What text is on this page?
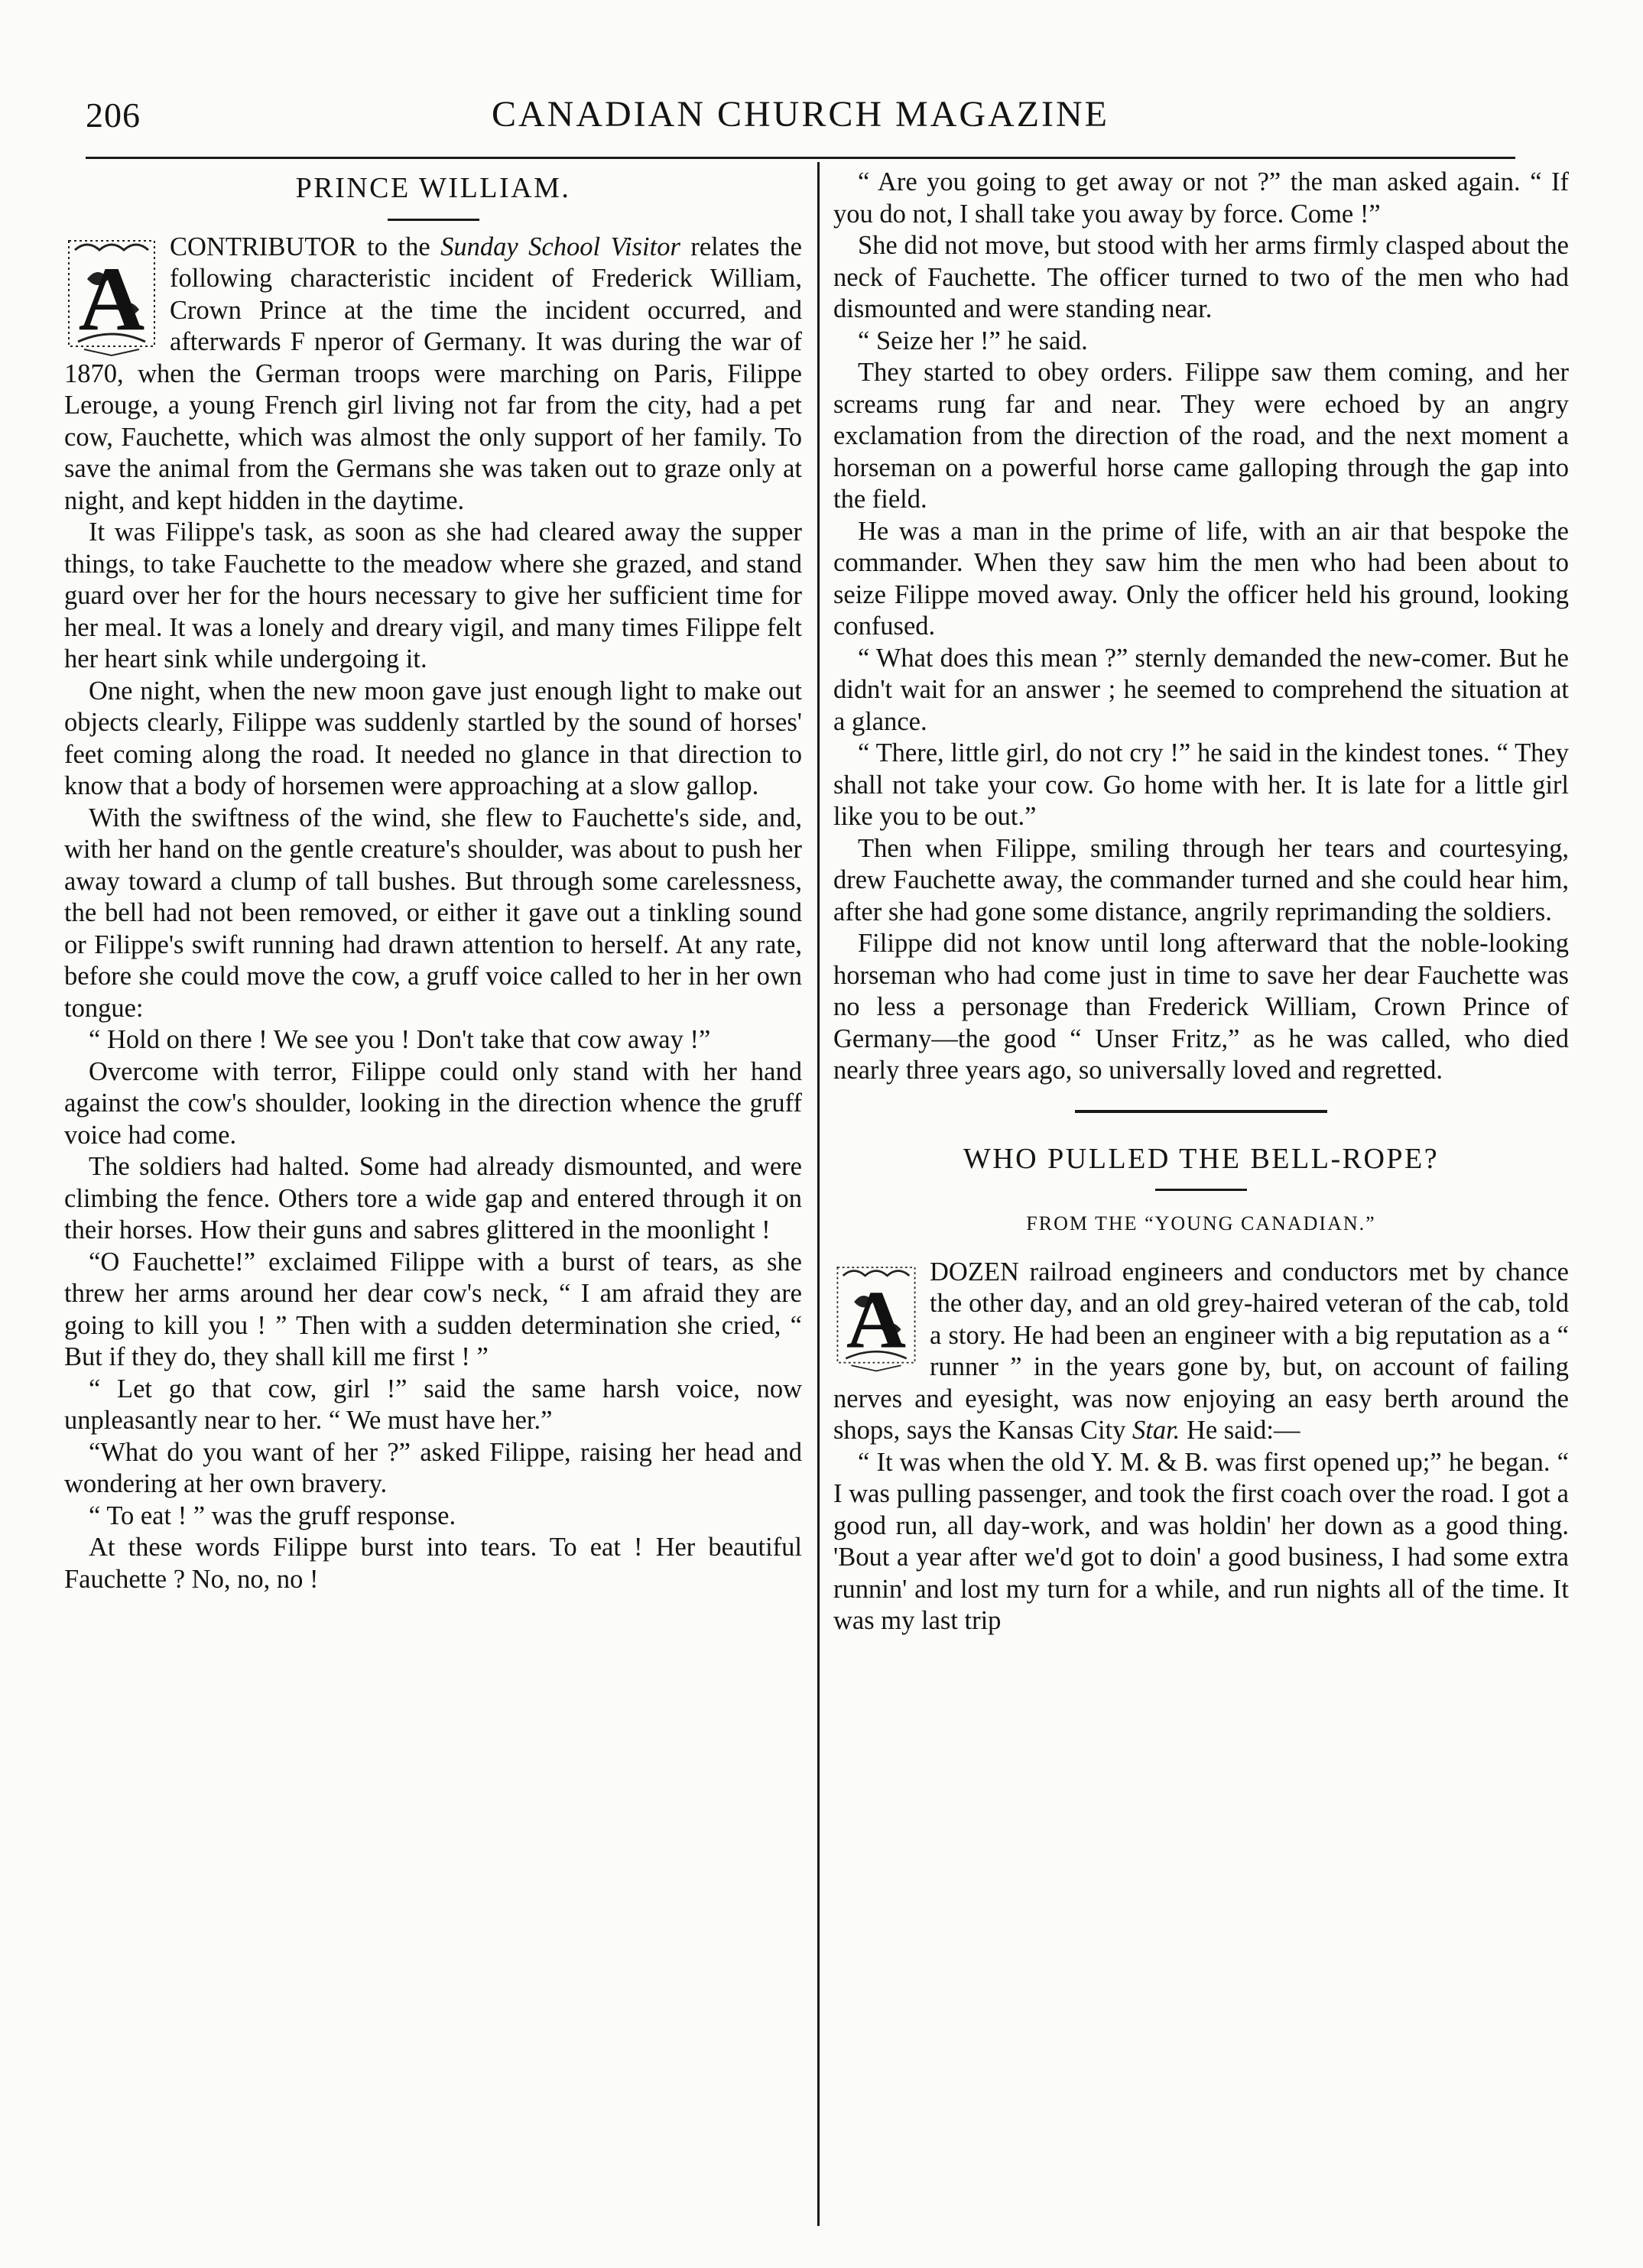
206	CANADIAN CHURCH MAGAZINE
PRINCE WILLIAM.

A
CONTRIBUTOR to the Sunday School Visitor relates the following characteristic incident of Frederick William, Crown Prince at the time the incident occurred, and afterwards F nperor of Germany. It was during the war of 1870, when the German troops were marching on Paris, Filippe Lerouge, a young French girl living not far from the city, had a pet cow, Fauchette, which was almost the only support of her family. To save the animal from the Germans she was taken out to graze only at night, and kept hidden in the daytime.

It was Filippe's task, as soon as she had cleared away the supper things, to take Fauchette to the meadow where she grazed, and stand guard over her for the hours necessary to give her sufficient time for her meal. It was a lonely and dreary vigil, and many times Filippe felt her heart sink while undergoing it.

One night, when the new moon gave just enough light to make out objects clearly, Filippe was suddenly startled by the sound of horses' feet coming along the road. It needed no glance in that direction to know that a body of horsemen were approaching at a slow gallop.

With the swiftness of the wind, she flew to Fauchette's side, and, with her hand on the gentle creature's shoulder, was about to push her away toward a clump of tall bushes. But through some carelessness, the bell had not been removed, or either it gave out a tinkling sound or Filippe's swift running had drawn attention to herself. At any rate, before she could move the cow, a gruff voice called to her in her own tongue:

“ Hold on there ! We see you ! Don't take that cow away !”

Overcome with terror, Filippe could only stand with her hand against the cow's shoulder, looking in the direction whence the gruff voice had come.

The soldiers had halted. Some had already dismounted, and were climbing the fence. Others tore a wide gap and entered through it on their horses. How their guns and sabres glittered in the moonlight !

“O Fauchette!” exclaimed Filippe with a burst of tears, as she threw her arms around her dear cow's neck, “ I am afraid they are going to kill you ! ” Then with a sudden determination she cried, “ But if they do, they shall kill me first ! ”

“ Let go that cow, girl !” said the same harsh voice, now unpleasantly near to her. “ We must have her.”

“What do you want of her ?” asked Filippe, raising her head and wondering at her own bravery.

“ To eat ! ” was the gruff response.

At these words Filippe burst into tears. To eat ! Her beautiful Fauchette ? No, no, no !

“ Are you going to get away or not ?” the man asked again. “ If you do not, I shall take you away by force. Come !”

She did not move, but stood with her arms firmly clasped about the neck of Fauchette. The officer turned to two of the men who had dismounted and were standing near.

“ Seize her !” he said.

They started to obey orders. Filippe saw them coming, and her screams rung far and near. They were echoed by an angry exclamation from the direction of the road, and the next moment a horseman on a powerful horse came galloping through the gap into the field.

He was a man in the prime of life, with an air that bespoke the commander. When they saw him the men who had been about to seize Filippe moved away. Only the officer held his ground, looking confused.

“ What does this mean ?” sternly demanded the new-comer. But he didn't wait for an answer ; he seemed to comprehend the situation at a glance.

“ There, little girl, do not cry !” he said in the kindest tones. “ They shall not take your cow. Go home with her. It is late for a little girl like you to be out.”

Then when Filippe, smiling through her tears and courtesying, drew Fauchette away, the commander turned and she could hear him, after she had gone some distance, angrily reprimanding the soldiers.

Filippe did not know until long afterward that the noble-looking horseman who had come just in time to save her dear Fauchette was no less a personage than Frederick William, Crown Prince of Germany—the good “ Unser Fritz,” as he was called, who died nearly three years ago, so universally loved and regretted.

WHO PULLED THE BELL-ROPE?
FROM THE “YOUNG CANADIAN.”

A
DOZEN railroad engineers and conductors met by chance the other day, and an old grey-haired veteran of the cab, told a story. He had been an engineer with a big reputation as a “ runner ” in the years gone by, but, on account of failing nerves and eyesight, was now enjoying an easy berth around the shops, says the Kansas City Star. He said:—

“ It was when the old Y. M. & B. was first opened up;” he began. “ I was pulling passenger, and took the first coach over the road. I got a good run, all day-work, and was holdin' her down as a good thing. 'Bout a year after we'd got to doin' a good business, I had some extra runnin' and lost my turn for a while, and run nights all of the time. It was my last trip
